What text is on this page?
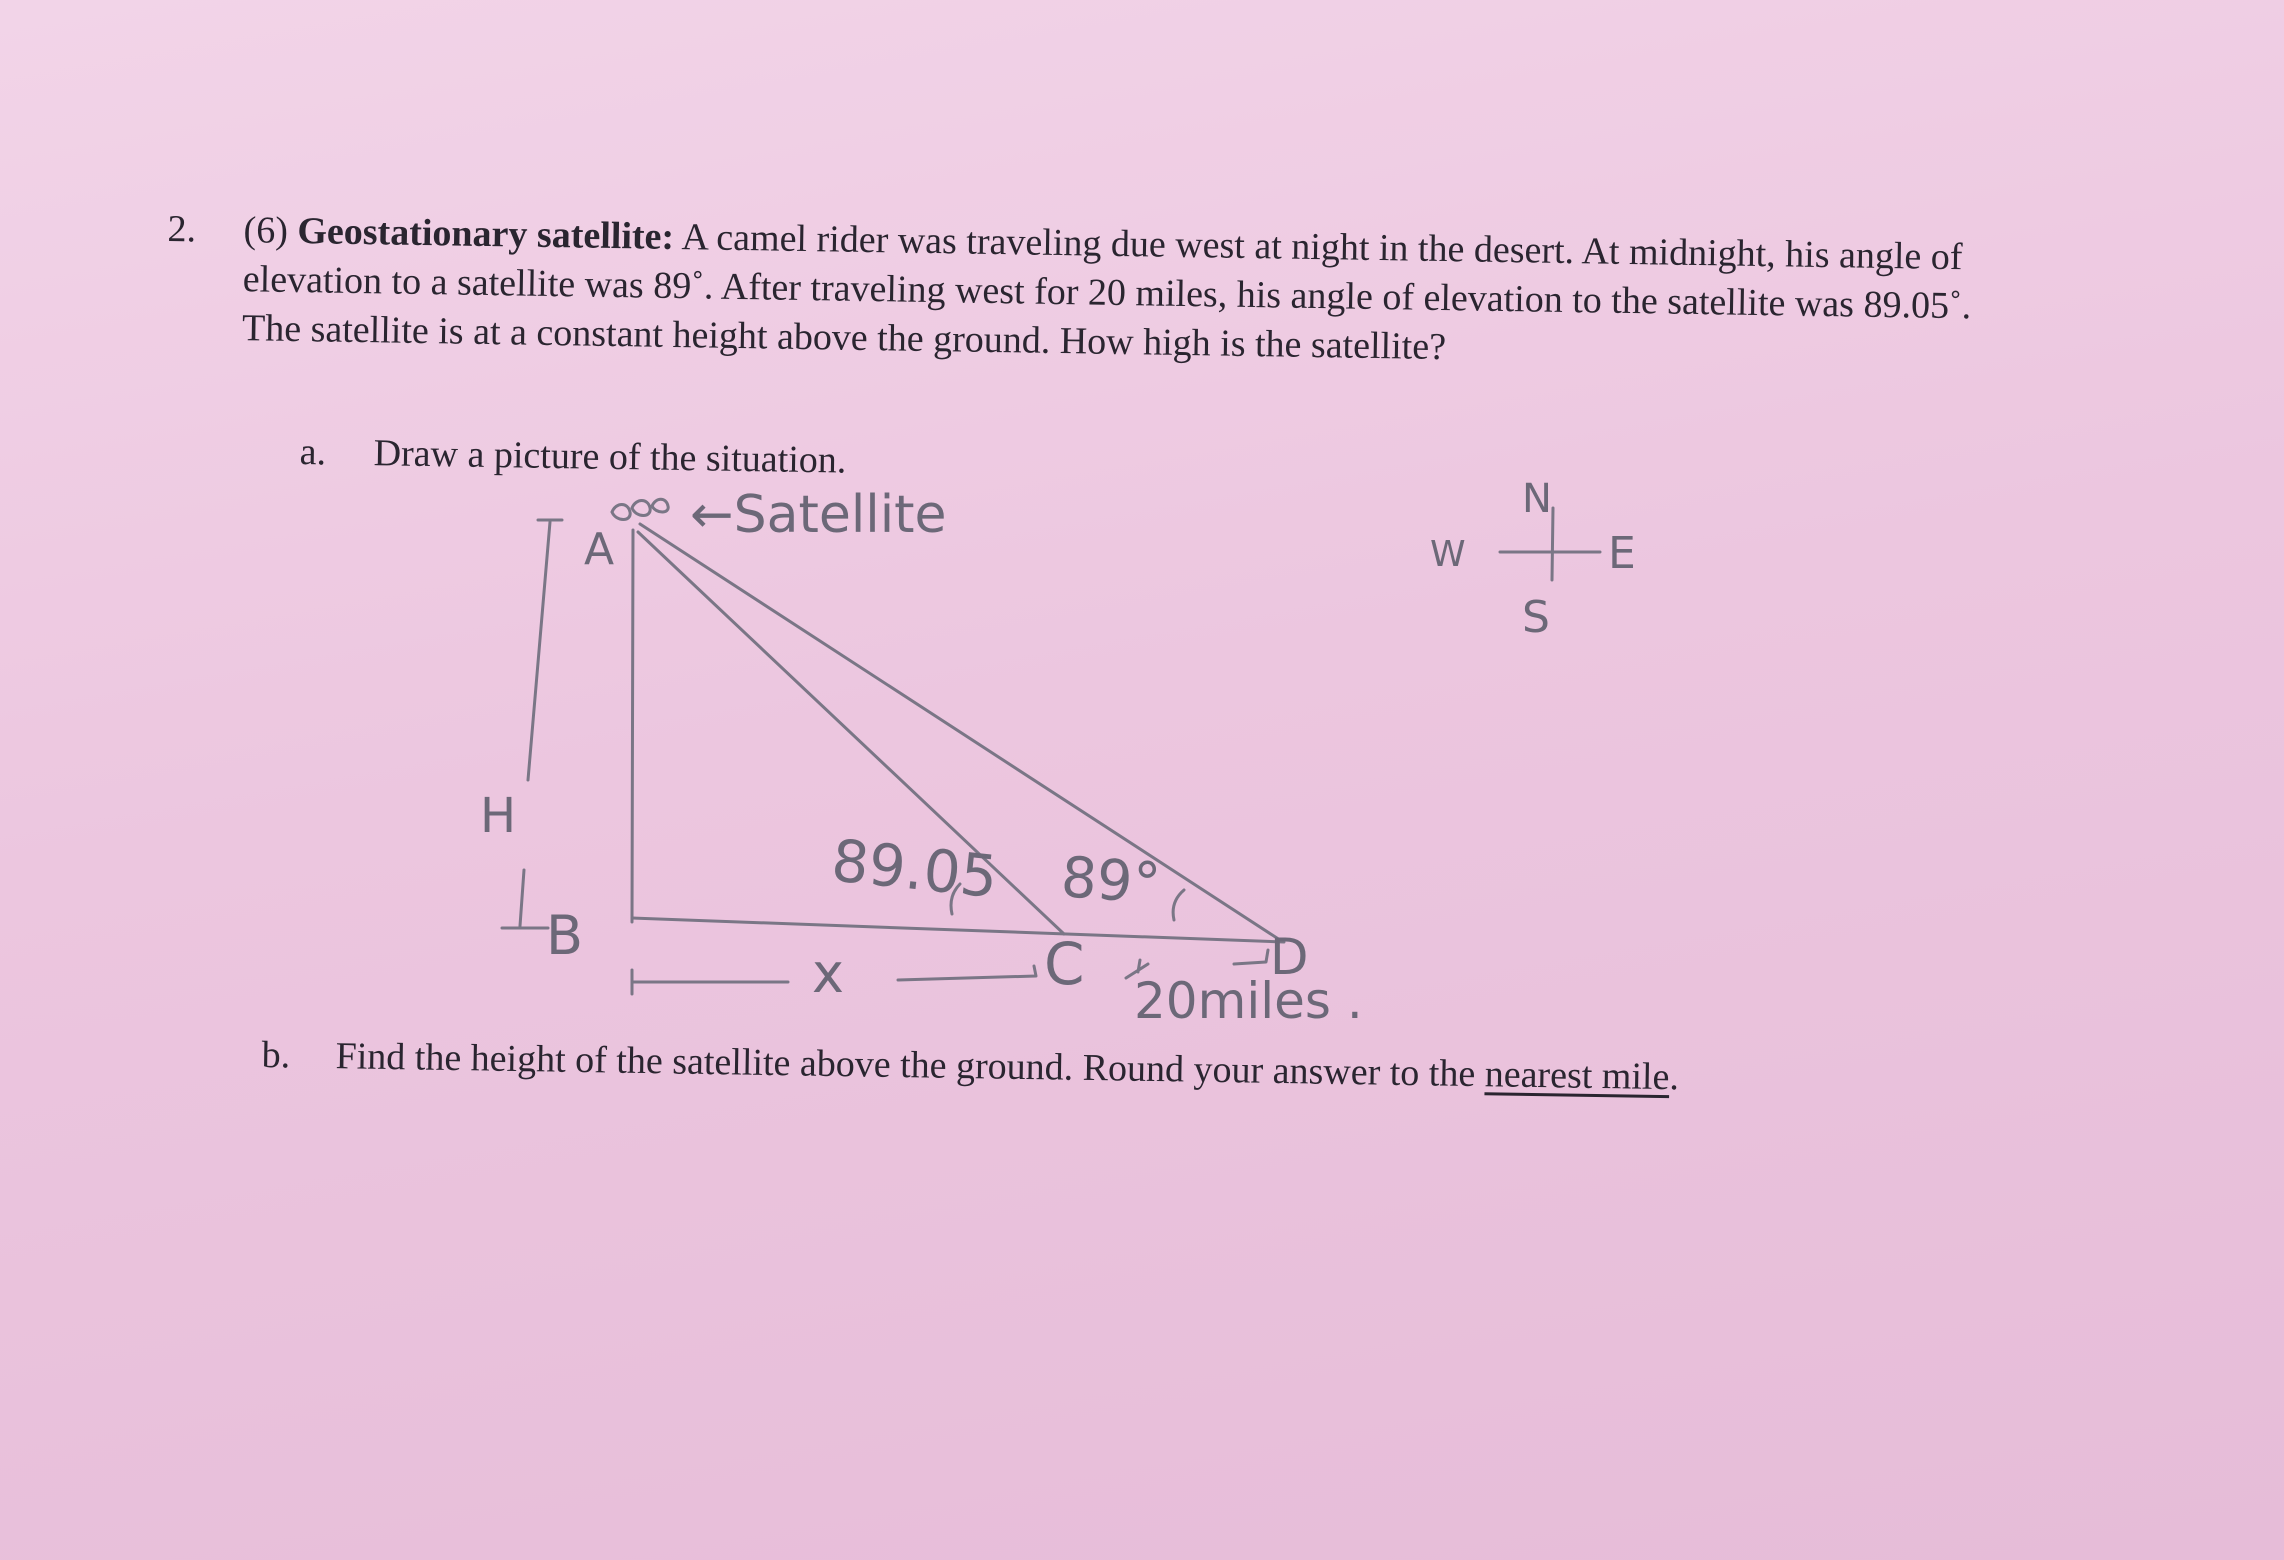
2. (6) Geostationary satellite: A camel rider was traveling due west at night in the desert. At midnight, his angle of elevation to a satellite was 89˚. After traveling west for 20 miles, his angle of elevation to the satellite was 89.05˚. The satellite is at a constant height above the ground. How high is the satellite?
a. Draw a picture of the situation.
←Satellite
A
B
H
89.05 89°
x	C	D
20miles .
N
W	E
S
b. Find the height of the satellite above the ground. Round your answer to the nearest mile.
